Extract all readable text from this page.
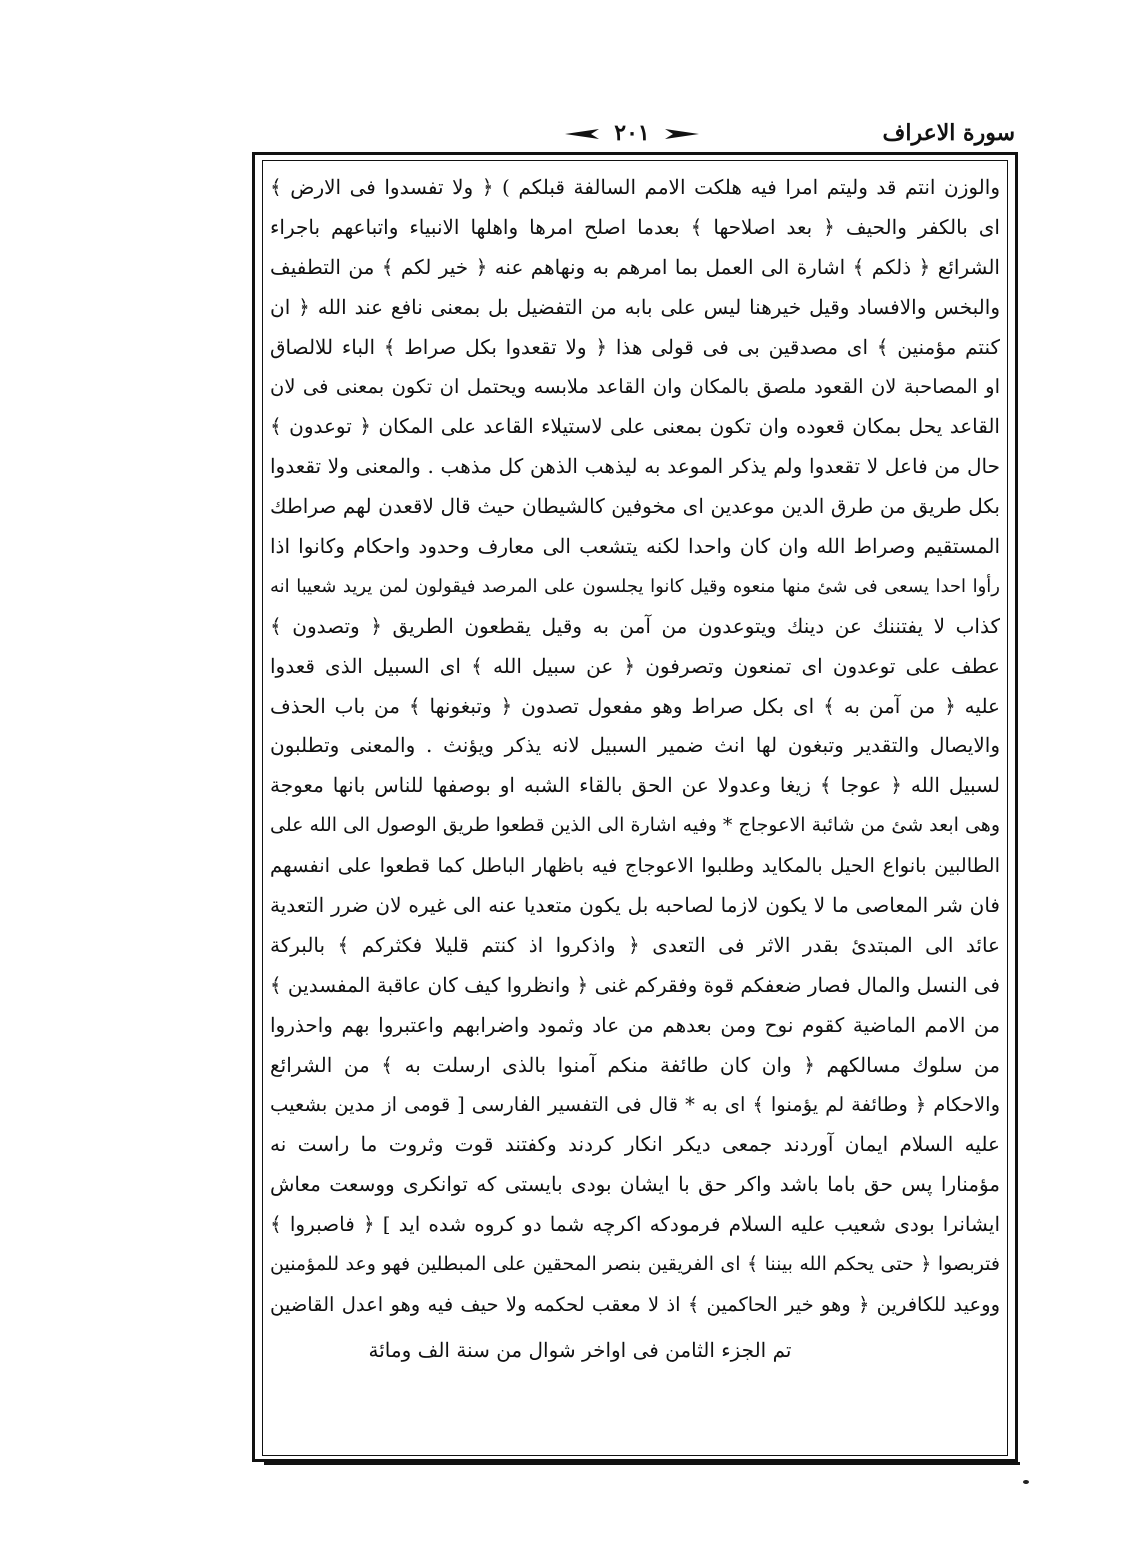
٢٠١	سورة الاعراف
والوزن انتم قد وليتم امرا فيه هلكت الامم السالفة قبلكم ) ﴿ ولا تفسدوا فى الارض ﴾
اى بالكفر والحيف ﴿ بعد اصلاحها ﴾ بعدما اصلح امرها واهلها الانبياء واتباعهم باجراء
الشرائع ﴿ ذلكم ﴾ اشارة الى العمل بما امرهم به ونهاهم عنه ﴿ خير لكم ﴾ من التطفيف
والبخس والافساد وقيل خيرهنا ليس على بابه من التفضيل بل بمعنى نافع عند الله ﴿ ان
كنتم مؤمنين ﴾ اى مصدقين بى فى قولى هذا ﴿ ولا تقعدوا بكل صراط ﴾ الباء للالصاق
او المصاحبة لان القعود ملصق بالمكان وان القاعد ملابسه ويحتمل ان تكون بمعنى فى لان
القاعد يحل بمكان قعوده وان تكون بمعنى على لاستيلاء القاعد على المكان ﴿ توعدون ﴾
حال من فاعل لا تقعدوا ولم يذكر الموعد به ليذهب الذهن كل مذهب . والمعنى ولا تقعدوا
بكل طريق من طرق الدين موعدين اى مخوفين كالشيطان حيث قال لاقعدن لهم صراطك
المستقيم وصراط الله وان كان واحدا لكنه يتشعب الى معارف وحدود واحكام وكانوا اذا
رأوا احدا يسعى فى شئ منها منعوه وقيل كانوا يجلسون على المرصد فيقولون لمن يريد شعيبا انه
كذاب لا يفتننك عن دينك ويتوعدون من آمن به وقيل يقطعون الطريق ﴿ وتصدون ﴾
عطف على توعدون اى تمنعون وتصرفون ﴿ عن سبيل الله ﴾ اى السبيل الذى قعدوا
عليه ﴿ من آمن به ﴾ اى بكل صراط وهو مفعول تصدون ﴿ وتبغونها ﴾ من باب الحذف
والايصال والتقدير وتبغون لها انث ضمير السبيل لانه يذكر ويؤنث . والمعنى وتطلبون
لسبيل الله ﴿ عوجا ﴾ زيغا وعدولا عن الحق بالقاء الشبه او بوصفها للناس بانها معوجة
وهى ابعد شئ من شائبة الاعوجاج * وفيه اشارة الى الذين قطعوا طريق الوصول الى الله على
الطالبين بانواع الحيل بالمكايد وطلبوا الاعوجاج فيه باظهار الباطل كما قطعوا على انفسهم
فان شر المعاصى ما لا يكون لازما لصاحبه بل يكون متعديا عنه الى غيره لان ضرر التعدية
عائد الى المبتدئ بقدر الاثر فى التعدى ﴿ واذكروا اذ كنتم قليلا فكثركم ﴾ بالبركة
فى النسل والمال فصار ضعفكم قوة وفقركم غنى ﴿ وانظروا كيف كان عاقبة المفسدين ﴾
من الامم الماضية كقوم نوح ومن بعدهم من عاد وثمود واضرابهم واعتبروا بهم واحذروا
من سلوك مسالكهم ﴿ وان كان طائفة منكم آمنوا بالذى ارسلت به ﴾ من الشرائع
والاحكام ﴿ وطائفة لم يؤمنوا ﴾ اى به * قال فى التفسير الفارسى [ قومى از مدين بشعيب
عليه السلام ايمان آوردند جمعى ديكر انكار كردند وكفتند قوت وثروت ما راست نه
مؤمنارا پس حق باما باشد واكر حق با ايشان بودى بايستى كه توانكرى ووسعت معاش
ايشانرا بودى شعيب عليه السلام فرمودكه اكرچه شما دو كروه شده ايد ] ﴿ فاصبروا ﴾
فتربصوا ﴿ حتى يحكم الله بيننا ﴾ اى الفريقين بنصر المحقين على المبطلين فهو وعد للمؤمنين
ووعيد للكافرين ﴿ وهو خير الحاكمين ﴾ اذ لا معقب لحكمه ولا حيف فيه وهو اعدل القاضين
تم الجزء الثامن فى اواخر شوال من سنة الف ومائة
